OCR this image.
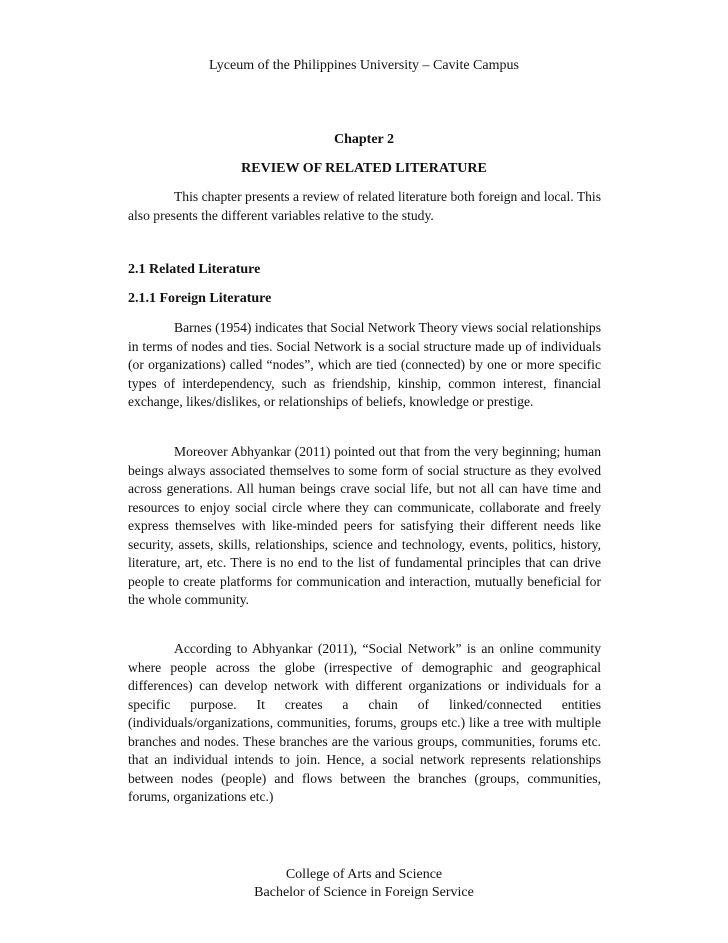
Lyceum of the Philippines University – Cavite Campus
Chapter 2
REVIEW OF RELATED LITERATURE

This chapter presents a review of related literature both foreign and local. This also presents the different variables relative to the study.

2.1 Related Literature
2.1.1 Foreign Literature

Barnes (1954) indicates that Social Network Theory views social relationships in terms of nodes and ties. Social Network is a social structure made up of individuals (or organizations) called “nodes”, which are tied (connected) by one or more specific types of interdependency, such as friendship, kinship, common interest, financial exchange, likes/dislikes, or relationships of beliefs, knowledge or prestige.

Moreover Abhyankar (2011) pointed out that from the very beginning; human beings always associated themselves to some form of social structure as they evolved across generations. All human beings crave social life, but not all can have time and resources to enjoy social circle where they can communicate, collaborate and freely express themselves with like-minded peers for satisfying their different needs like security, assets, skills, relationships, science and technology, events, politics, history, literature, art, etc. There is no end to the list of fundamental principles that can drive people to create platforms for communication and interaction, mutually beneficial for the whole community.

According to Abhyankar (2011), “Social Network” is an online community where people across the globe (irrespective of demographic and geographical differences) can develop network with different organizations or individuals for a specific purpose. It creates a chain of linked/connected entities (individuals/organizations, communities, forums, groups etc.) like a tree with multiple branches and nodes. These branches are the various groups, communities, forums etc. that an individual intends to join. Hence, a social network represents relationships between nodes (people) and flows between the branches (groups, communities, forums, organizations etc.)

College of Arts and Science
Bachelor of Science in Foreign Service
